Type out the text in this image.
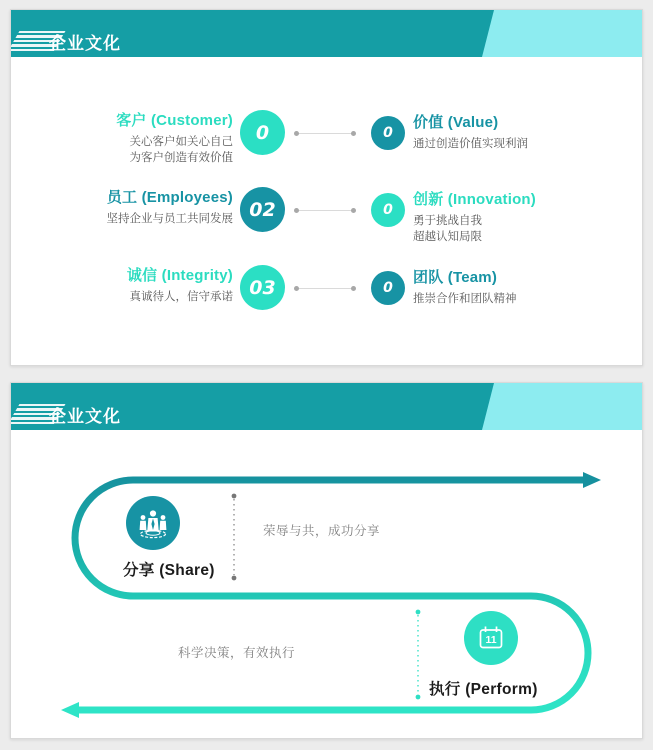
企业文化
客户 (Customer)
关心客户如关心自己
为客户创造有效价值
0	0
价值 (Value)
通过创造价值实现利润
员工 (Employees)
坚持企业与员工共同发展 02	0
创新 (Innovation)
勇于挑战自我
超越认知局限
诚信 (Integrity)
真诚待人，信守承诺 03	0
团队 (Team)
推崇合作和团队精神
企业文化
分享 (Share)
荣辱与共，成功分享
11
执行 (Perform)
科学决策，有效执行
